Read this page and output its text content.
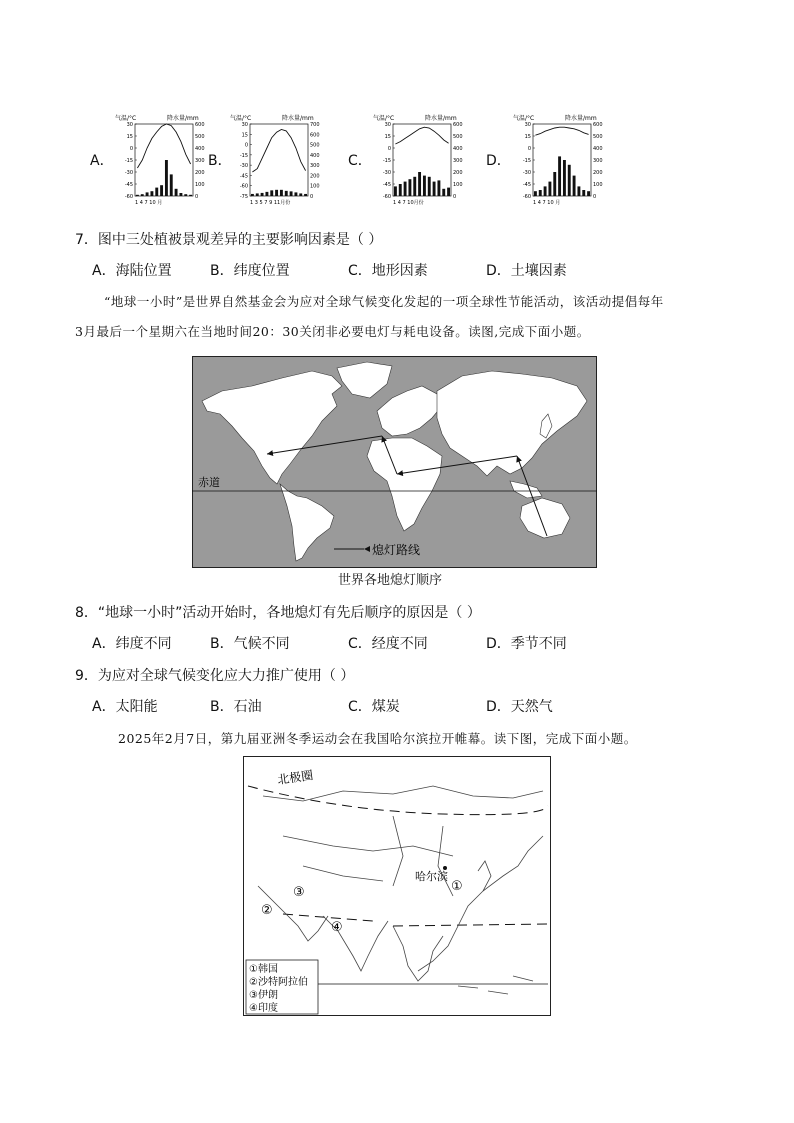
A．
气温/°C	降水量/mm
30
15
0
-15
-30
-45
-60
600
500
400
300
200
100
0
1 4 7 10 月
B．
气温/°C	降水量/mm
30
15
0
-15
-30
-45
-60
-75
700
600
500
400
300
200
100
0
1 3 5 7 9 11月份
C．
气温/°C	降水量/mm
30
15
0
-15
-30
-45
-60
600
500
400
300
200
100
0
1 4 7 10月份
D．
气温/°C	降水量/mm
30
15
0
-15
-30
-45
-60
600
500
400
300
200
100
0
1 4 7 10 月
7．图中三处植被景观差异的主要影响因素是（ ）
A．海陆位置	B．纬度位置	C．地形因素	D．土壤因素
“地球一小时”是世界自然基金会为应对全球气候变化发起的一项全球性节能活动，该活动提倡每年
3月最后一个星期六在当地时间20：30关闭非必要电灯与耗电设备。读图,完成下面小题。
赤道
熄灯路线
世界各地熄灯顺序
8．“地球一小时”活动开始时，各地熄灯有先后顺序的原因是（ ）
A．纬度不同	B．气候不同	C．经度不同	D．季节不同
9．为应对全球气候变化应大力推广使用（ ）
A．太阳能	B．石油	C．煤炭	D．天然气
2025年2月7日，第九届亚洲冬季运动会在我国哈尔滨拉开帷幕。读下图，完成下面小题。
北极圈
哈尔滨
①
②
③
④
①韩国
②沙特阿拉伯
③伊朗
④印度
